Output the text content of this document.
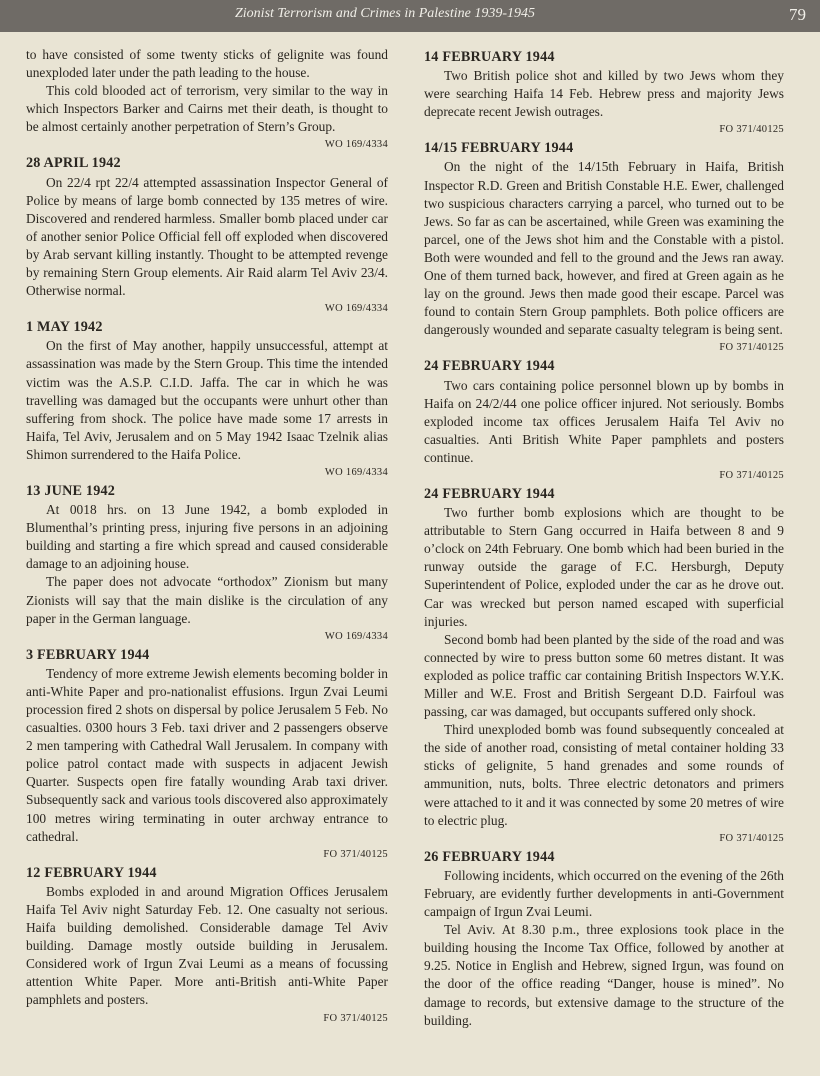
Zionist Terrorism and Crimes in Palestine 1939-1945	79

to have consisted of some twenty sticks of gelignite was found unexploded later under the path leading to the house.

This cold blooded act of terrorism, very similar to the way in which Inspectors Barker and Cairns met their death, is thought to be almost certainly another perpetration of Stern’s Group.

WO 169/4334
28 APRIL 1942

On 22/4 rpt 22/4 attempted assassination Inspector General of Police by means of large bomb connected by 135 metres of wire. Discovered and rendered harmless. Smaller bomb placed under car of another senior Police Official fell off exploded when discovered by Arab servant killing instantly. Thought to be attempted revenge by remaining Stern Group elements. Air Raid alarm Tel Aviv 23/4. Otherwise normal.

WO 169/4334
1 MAY 1942

On the first of May another, happily unsuccessful, attempt at assassination was made by the Stern Group. This time the intended victim was the A.S.P. C.I.D. Jaffa. The car in which he was travelling was damaged but the occupants were unhurt other than suffering from shock. The police have made some 17 arrests in Haifa, Tel Aviv, Jerusalem and on 5 May 1942 Isaac Tzelnik alias Shimon surrendered to the Haifa Police.

WO 169/4334
13 JUNE 1942

At 0018 hrs. on 13 June 1942, a bomb exploded in Blumenthal’s printing press, injuring five persons in an adjoining building and starting a fire which spread and caused considerable damage to an adjoining house.

The paper does not advocate “orthodox” Zionism but many Zionists will say that the main dislike is the circulation of any paper in the German language.

WO 169/4334
3 FEBRUARY 1944

Tendency of more extreme Jewish elements becoming bolder in anti-White Paper and pro-nationalist effusions. Irgun Zvai Leumi procession fired 2 shots on dispersal by police Jerusalem 5 Feb. No casualties. 0300 hours 3 Feb. taxi driver and 2 passengers observe 2 men tampering with Cathedral Wall Jerusalem. In company with police patrol contact made with suspects in adjacent Jewish Quarter. Suspects open fire fatally wounding Arab taxi driver. Subsequently sack and various tools discovered also approximately 100 metres wiring terminating in outer archway entrance to cathedral.

FO 371/40125
12 FEBRUARY 1944

Bombs exploded in and around Migration Offices Jerusalem Haifa Tel Aviv night Saturday Feb. 12. One casualty not serious. Haifa building demolished. Considerable damage Tel Aviv building. Damage mostly outside building in Jerusalem. Considered work of Irgun Zvai Leumi as a means of focussing attention White Paper. More anti-British anti-White Paper pamphlets and posters.

FO 371/40125
14 FEBRUARY 1944

Two British police shot and killed by two Jews whom they were searching Haifa 14 Feb. Hebrew press and majority Jews deprecate recent Jewish outrages.

FO 371/40125
14/15 FEBRUARY 1944

On the night of the 14/15th February in Haifa, British Inspector R.D. Green and British Constable H.E. Ewer, challenged two suspicious characters carrying a parcel, who turned out to be Jews. So far as can be ascertained, while Green was examining the parcel, one of the Jews shot him and the Constable with a pistol. Both were wounded and fell to the ground and the Jews ran away. One of them turned back, however, and fired at Green again as he lay on the ground. Jews then made good their escape. Parcel was found to contain Stern Group pamphlets. Both police officers are dangerously wounded and separate casualty telegram is being sent.

FO 371/40125
24 FEBRUARY 1944

Two cars containing police personnel blown up by bombs in Haifa on 24/2/44 one police officer injured. Not seriously. Bombs exploded income tax offices Jerusalem Haifa Tel Aviv no casualties. Anti British White Paper pamphlets and posters continue.

FO 371/40125
24 FEBRUARY 1944

Two further bomb explosions which are thought to be attributable to Stern Gang occurred in Haifa between 8 and 9 o’clock on 24th February. One bomb which had been buried in the runway outside the garage of F.C. Hersburgh, Deputy Superintendent of Police, exploded under the car as he drove out. Car was wrecked but person named escaped with superficial injuries.

Second bomb had been planted by the side of the road and was connected by wire to press button some 60 metres distant. It was exploded as police traffic car containing British Inspectors W.Y.K. Miller and W.E. Frost and British Sergeant D.D. Fairfoul was passing, car was damaged, but occupants suffered only shock.

Third unexploded bomb was found subsequently concealed at the side of another road, consisting of metal container holding 33 sticks of gelignite, 5 hand grenades and some rounds of ammunition, nuts, bolts. Three electric detonators and primers were attached to it and it was connected by some 20 metres of wire to electric plug.

FO 371/40125
26 FEBRUARY 1944

Following incidents, which occurred on the evening of the 26th February, are evidently further developments in anti-Government campaign of Irgun Zvai Leumi.

Tel Aviv. At 8.30 p.m., three explosions took place in the building housing the Income Tax Office, followed by another at 9.25. Notice in English and Hebrew, signed Irgun, was found on the door of the office reading “Danger, house is mined”. No damage to records, but extensive damage to the structure of the building.
